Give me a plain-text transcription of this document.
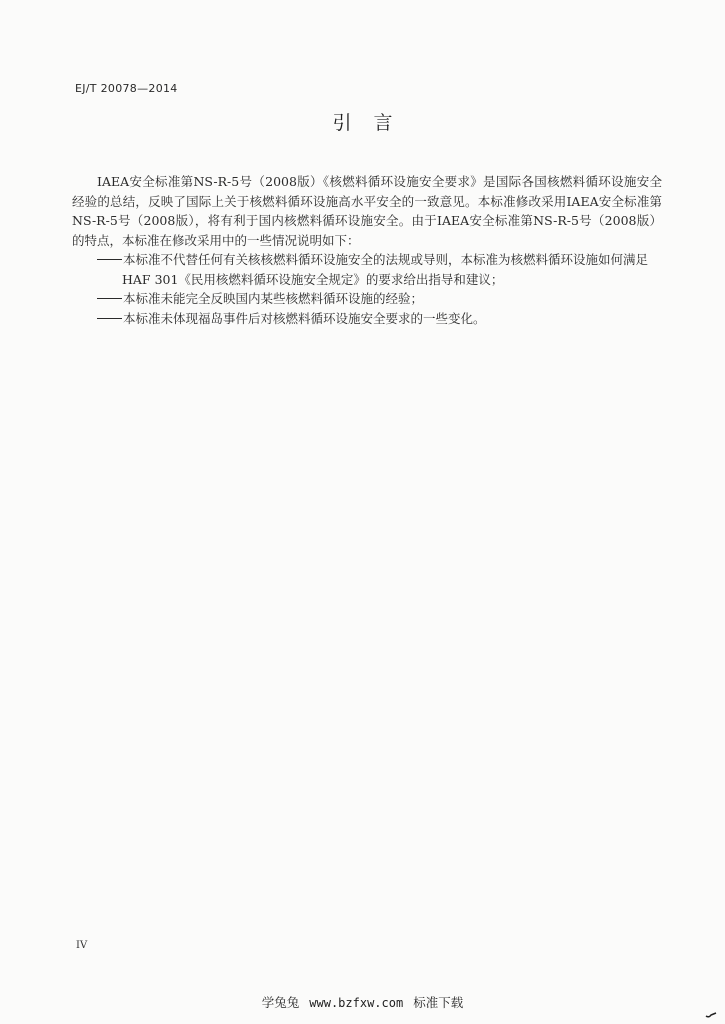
EJ/T 20078—2014
引言

IAEA安全标准第NS-R-5号（2008版）《核燃料循环设施安全要求》是国际各国核燃料循环设施安全经验的总结，反映了国际上关于核燃料循环设施高水平安全的一致意见。本标准修改采用IAEA安全标准第NS-R-5号（2008版），将有利于国内核燃料循环设施安全。由于IAEA安全标准第NS-R-5号（2008版）的特点，本标准在修改采用中的一些情况说明如下：

本标准不代替任何有关核核燃料循环设施安全的法规或导则，本标准为核燃料循环设施如何满足HAF 301《民用核燃料循环设施安全规定》的要求给出指导和建议；

本标准未能完全反映国内某些核燃料循环设施的经验；

本标准未体现福岛事件后对核燃料循环设施安全要求的一些变化。

IV
学兔兔 www.bzfxw.com 标准下载
